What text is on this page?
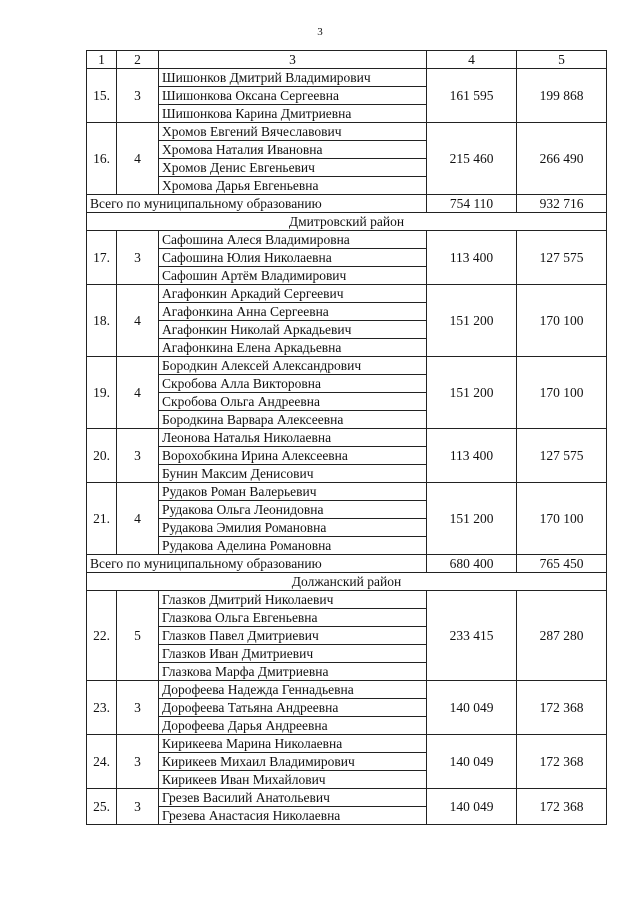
3
1	2	3	4	5
15.	3	Шишонков Дмитрий Владимирович	161 595	199 868
		Шишонкова Оксана Сергеевна		
		Шишонкова Карина Дмитриевна		
16.	4	Хромов Евгений Вячеславович	215 460	266 490
		Хромова Наталия Ивановна		
		Хромов Денис Евгеньевич		
		Хромова Дарья Евгеньевна		
Всего по муниципальному образованию			754 110	932 716
Дмитровский район				
17.	3	Сафошина Алеся Владимировна	113 400	127 575
		Сафошина Юлия Николаевна		
		Сафошин Артём Владимирович		
18.	4	Агафонкин Аркадий Сергеевич	151 200	170 100
		Агафонкина Анна Сергеевна		
		Агафонкин Николай Аркадьевич		
		Агафонкина Елена Аркадьевна		
19.	4	Бородкин Алексей Александрович	151 200	170 100
		Скробова Алла Викторовна		
		Скробова Ольга Андреевна		
		Бородкина Варвара Алексеевна		
20.	3	Леонова Наталья Николаевна	113 400	127 575
		Ворохобкина Ирина Алексеевна		
		Бунин Максим Денисович		
21.	4	Рудаков Роман Валерьевич	151 200	170 100
		Рудакова Ольга Леонидовна		
		Рудакова Эмилия Романовна		
		Рудакова Аделина Романовна		
Всего по муниципальному образованию			680 400	765 450
Должанский район				
22.	5	Глазков Дмитрий Николаевич	233 415	287 280
		Глазкова Ольга Евгеньевна		
		Глазков Павел Дмитриевич		
		Глазков Иван Дмитриевич		
		Глазкова Марфа Дмитриевна		
23.	3	Дорофеева Надежда Геннадьевна	140 049	172 368
		Дорофеева Татьяна Андреевна		
		Дорофеева Дарья Андреевна		
24.	3	Кирикеева Марина Николаевна	140 049	172 368
		Кирикеев Михаил Владимирович		
		Кирикеев Иван Михайлович		
25.	3	Грезев Василий Анатольевич	140 049	172 368
		Грезева Анастасия Николаевна		
